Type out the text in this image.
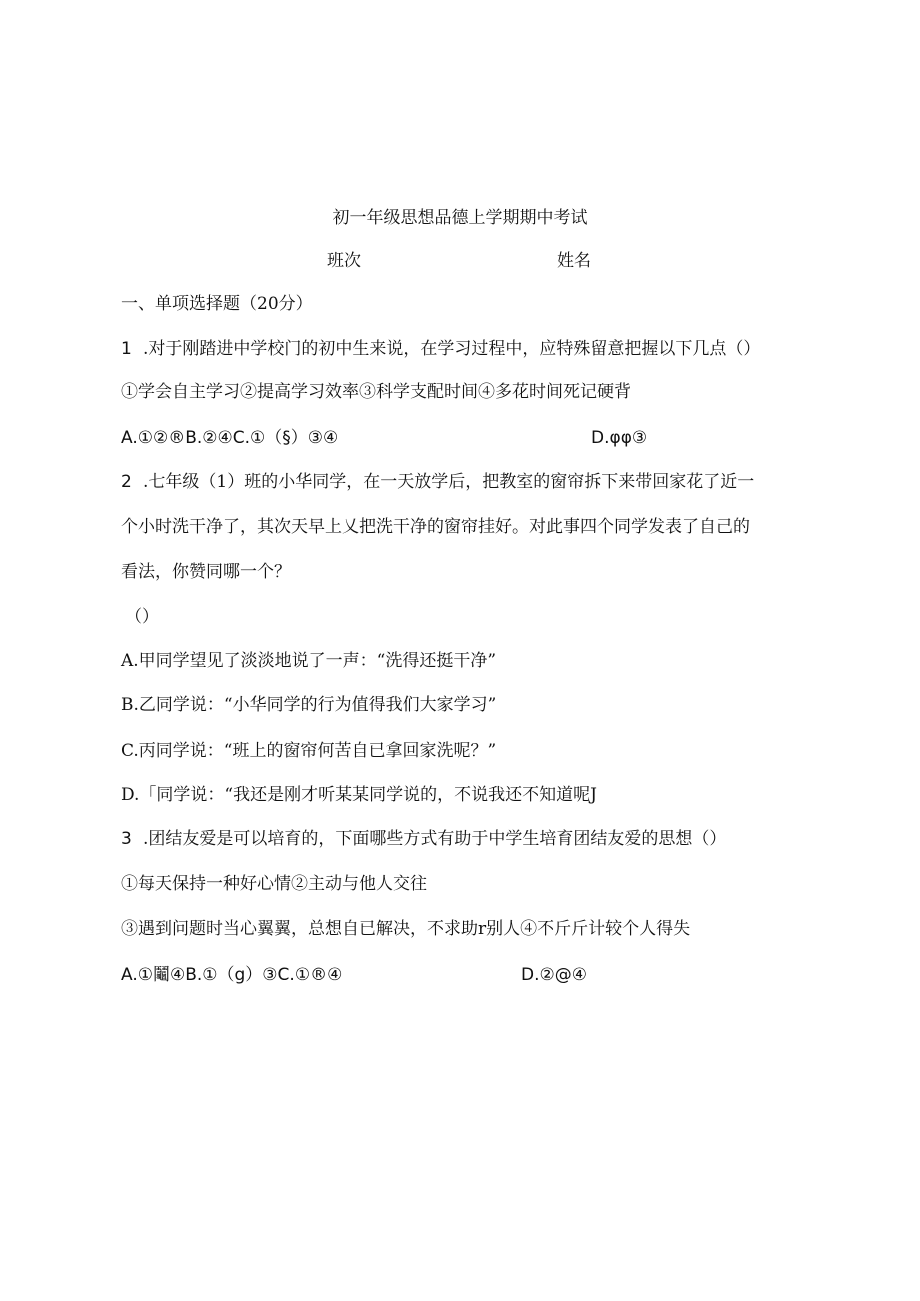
初一年级思想品德上学期期中考试
班次	姓名
一、单项选择题（20分）
1 .对于刚踏进中学校门的初中生来说，在学习过程中，应特殊留意把握以下几点（）
①学会自主学习②提高学习效率③科学支配时间④多花时间死记硬背
A.①②®B.②④C.①（§）③④	D.φφ③
2 .七年级（1）班的小华同学，在一天放学后，把教室的窗帘拆下来带回家花了近一
个小时洗干净了，其次天早上乂把洗干净的窗帘挂好。对此事四个同学发表了自己的
看法，你赞同哪一个？
（）
A.甲同学望见了淡淡地说了一声：“洗得还挺干净”
B.乙同学说：“小华同学的行为值得我们大家学习”
C.丙同学说：“班上的窗帘何苦自已拿回家洗呢？”
D.「同学说：“我还是刚才听某某同学说的，不说我还不知道呢J
3 .团结友爱是可以培育的，下面哪些方式有助于中学生培育团结友爱的思想（）
①每天保持一种好心情②主动与他人交往
③遇到问题时当心翼翼，总想自已解决，不求助r别人④不斤斤计较个人得失
A.①鬮④B.①（g）③C.①®④	D.②@④
